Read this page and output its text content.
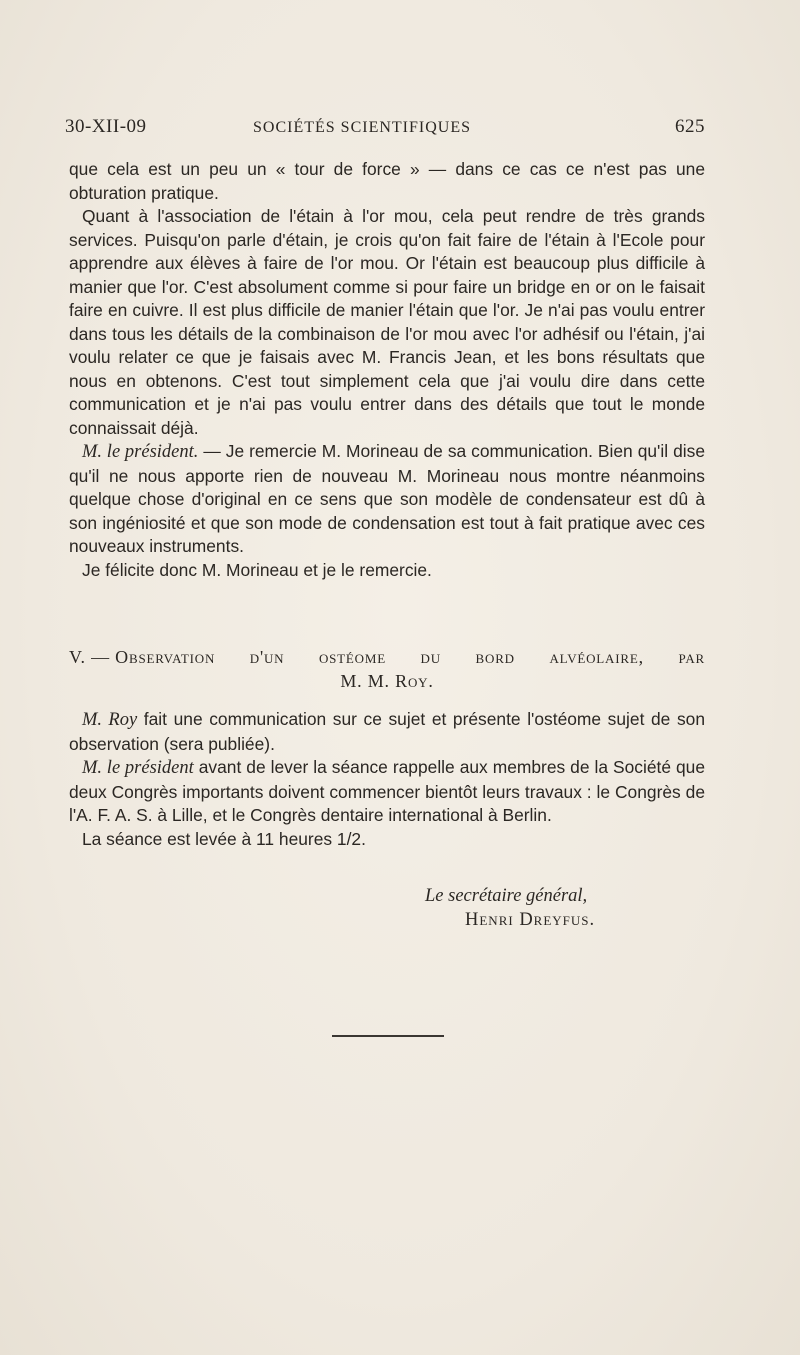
30-XII-09	SOCIÉTÉS SCIENTIFIQUES	625

que cela est un peu un « tour de force » — dans ce cas ce n'est pas une obturation pratique.

Quant à l'association de l'étain à l'or mou, cela peut rendre de très grands services. Puisqu'on parle d'étain, je crois qu'on fait faire de l'étain à l'Ecole pour apprendre aux élèves à faire de l'or mou. Or l'étain est beaucoup plus difficile à manier que l'or. C'est absolument comme si pour faire un bridge en or on le faisait faire en cuivre. Il est plus difficile de manier l'étain que l'or. Je n'ai pas voulu entrer dans tous les détails de la combinaison de l'or mou avec l'or adhésif ou l'étain, j'ai voulu relater ce que je faisais avec M. Francis Jean, et les bons résultats que nous en obtenons. C'est tout simplement cela que j'ai voulu dire dans cette communication et je n'ai pas voulu entrer dans des détails que tout le monde connaissait déjà.

M. le président. — Je remercie M. Morineau de sa communication. Bien qu'il dise qu'il ne nous apporte rien de nouveau M. Morineau nous montre néanmoins quelque chose d'original en ce sens que son modèle de condensateur est dû à son ingéniosité et que son mode de condensation est tout à fait pratique avec ces nouveaux instruments.

Je félicite donc M. Morineau et je le remercie.

V. — Observation d'un ostéome du bord alvéolaire, par
M. M. Roy.

M. Roy fait une communication sur ce sujet et présente l'ostéome sujet de son observation (sera publiée).

M. le président avant de lever la séance rappelle aux membres de la Société que deux Congrès importants doivent commencer bientôt leurs travaux : le Congrès de l'A. F. A. S. à Lille, et le Congrès dentaire international à Berlin.

La séance est levée à 11 heures 1/2.

Le secrétaire général,
Henri Dreyfus.
